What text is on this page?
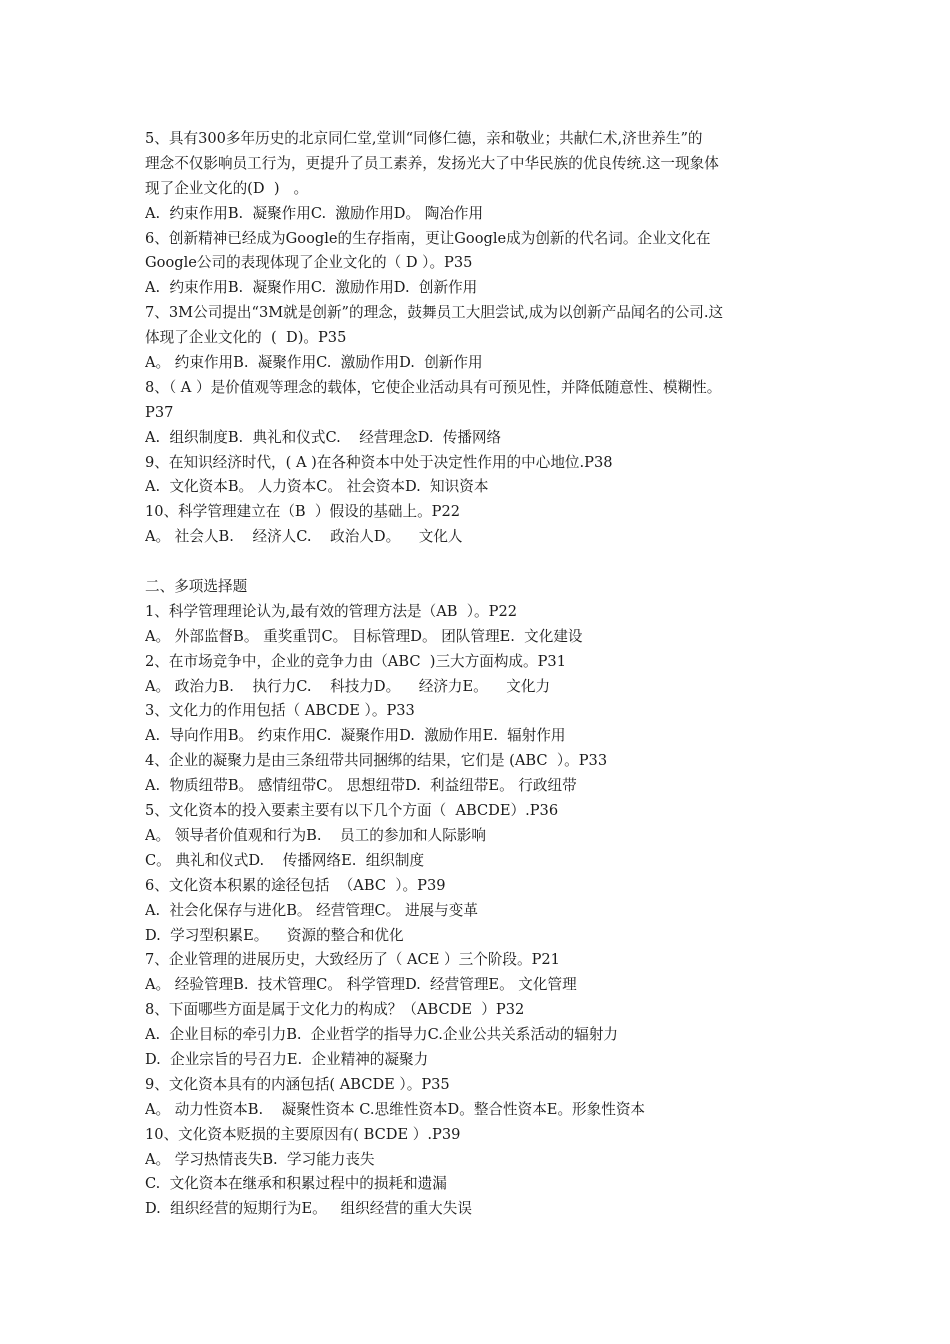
5、具有300多年历史的北京同仁堂,堂训“同修仁德，亲和敬业；共献仁术,济世养生”的
理念不仅影响员工行为，更提升了员工素养，发扬光大了中华民族的优良传统.这一现象体
现了企业文化的(D  )   。
A.  约束作用B.  凝聚作用C.  激励作用D。 陶冶作用
6、创新精神已经成为Google的生存指南，更让Google成为创新的代名词。企业文化在
Google公司的表现体现了企业文化的（ D ）。P35
A.  约束作用B.  凝聚作用C.  激励作用D.  创新作用
7、3M公司提出“3M就是创新”的理念，鼓舞员工大胆尝试,成为以创新产品闻名的公司.这
体现了企业文化的  (  D)。P35
A。 约束作用B.  凝聚作用C.  激励作用D.  创新作用
8、（ A ）是价值观等理念的载体，它使企业活动具有可预见性，并降低随意性、模糊性。
P37
A.  组织制度B.  典礼和仪式C.    经营理念D.  传播网络
9、在知识经济时代，( A )在各种资本中处于决定性作用的中心地位.P38
A.  文化资本B。 人力资本C。 社会资本D.  知识资本
10、科学管理建立在（B  ）假设的基础上。P22
A。 社会人B.    经济人C.    政治人D。    文化人
二、多项选择题
1、科学管理理论认为,最有效的管理方法是（AB  ）。P22
A。 外部监督B。 重奖重罚C。 目标管理D。 团队管理E.  文化建设
2、在市场竞争中，企业的竞争力由（ABC  )三大方面构成。P31
A。 政治力B.    执行力C.    科技力D。    经济力E。    文化力
3、文化力的作用包括（ ABCDE ）。P33
A.  导向作用B。 约束作用C.  凝聚作用D.  激励作用E.  辐射作用
4、企业的凝聚力是由三条纽带共同捆绑的结果，它们是 (ABC  ）。P33
A.  物质纽带B。 感情纽带C。 思想纽带D.  利益纽带E。 行政纽带
5、文化资本的投入要素主要有以下几个方面（  ABCDE）.P36
A。 领导者价值观和行为B.    员工的参加和人际影响
C。 典礼和仪式D.    传播网络E.  组织制度
6、文化资本积累的途径包括  （ABC  ）。P39
A.  社会化保存与进化B。 经营管理C。 进展与变革
D.  学习型积累E。    资源的整合和优化
7、企业管理的进展历史，大致经历了（ ACE ）三个阶段。P21
A。 经验管理B.  技术管理C。 科学管理D.  经营管理E。 文化管理
8、下面哪些方面是属于文化力的构成？（ABCDE  ）P32
A.  企业目标的牵引力B.  企业哲学的指导力C.企业公共关系活动的辐射力
D.  企业宗旨的号召力E.  企业精神的凝聚力
9、文化资本具有的内涵包括( ABCDE ）。P35
A。 动力性资本B.    凝聚性资本 C.思维性资本D。整合性资本E。形象性资本
10、文化资本贬损的主要原因有( BCDE ）.P39
A。 学习热情丧失B.  学习能力丧失
C.  文化资本在继承和积累过程中的损耗和遗漏
D.  组织经营的短期行为E。   组织经营的重大失误
